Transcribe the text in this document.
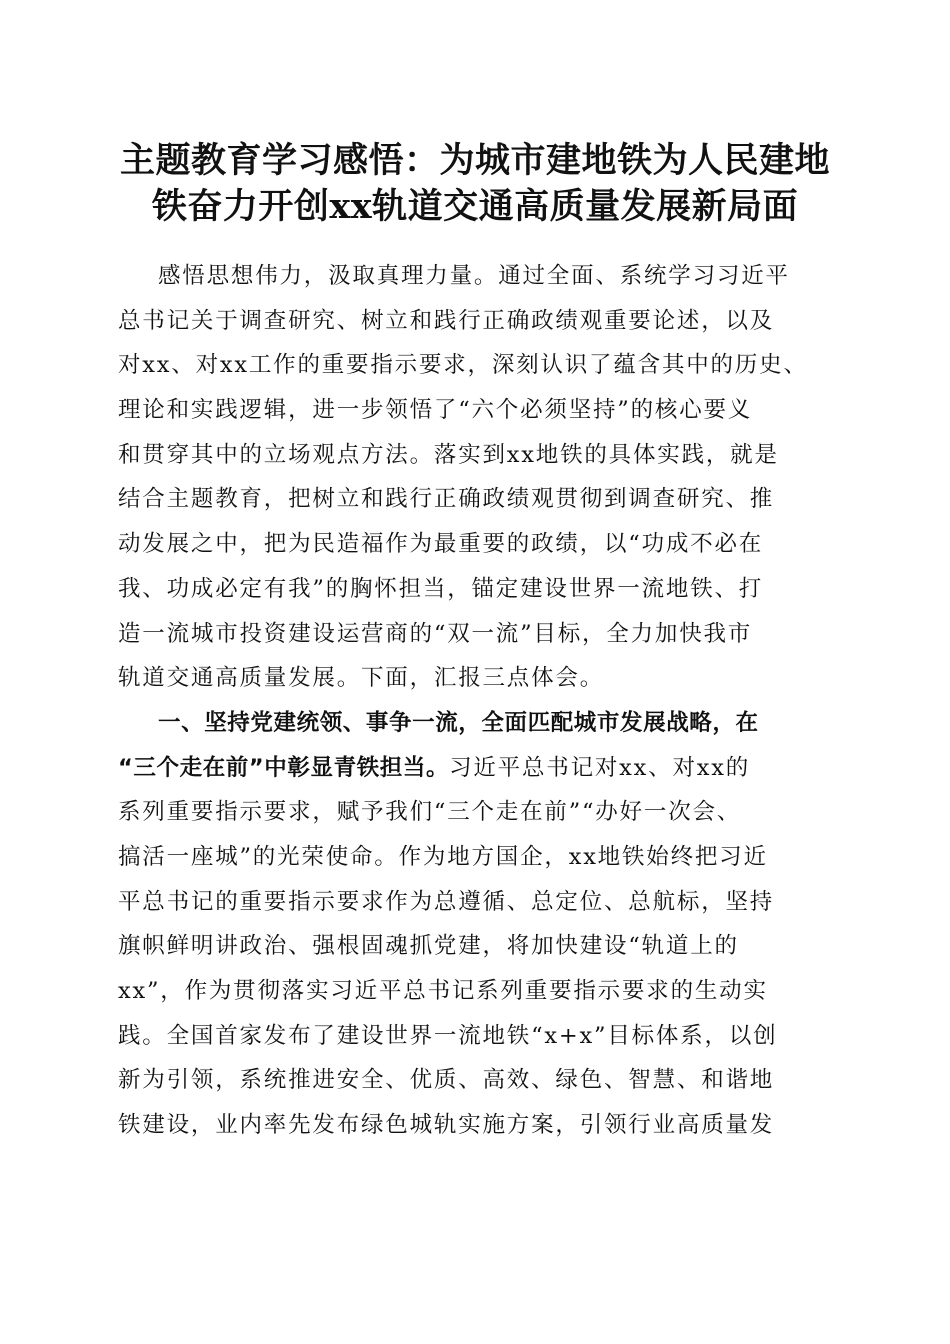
主题教育学习感悟：为城市建地铁为人民建地
铁奋力开创xx轨道交通高质量发展新局面
感悟思想伟力，汲取真理力量。通过全面、系统学习习近平
总书记关于调查研究、树立和践行正确政绩观重要论述，以及
对xx、对xx工作的重要指示要求，深刻认识了蕴含其中的历史、
理论和实践逻辑，进一步领悟了“六个必须坚持”的核心要义
和贯穿其中的立场观点方法。落实到xx地铁的具体实践，就是
结合主题教育，把树立和践行正确政绩观贯彻到调查研究、推
动发展之中，把为民造福作为最重要的政绩，以“功成不必在
我、功成必定有我”的胸怀担当，锚定建设世界一流地铁、打
造一流城市投资建设运营商的“双一流”目标，全力加快我市
轨道交通高质量发展。下面，汇报三点体会。
一、坚持党建统领、事争一流，全面匹配城市发展战略，在
“三个走在前”中彰显青铁担当。习近平总书记对xx、对xx的
系列重要指示要求，赋予我们“三个走在前”“办好一次会、
搞活一座城”的光荣使命。作为地方国企，xx地铁始终把习近
平总书记的重要指示要求作为总遵循、总定位、总航标，坚持
旗帜鲜明讲政治、强根固魂抓党建，将加快建设“轨道上的
xx”，作为贯彻落实习近平总书记系列重要指示要求的生动实
践。全国首家发布了建设世界一流地铁“x+x”目标体系，以创
新为引领，系统推进安全、优质、高效、绿色、智慧、和谐地
铁建设，业内率先发布绿色城轨实施方案，引领行业高质量发
